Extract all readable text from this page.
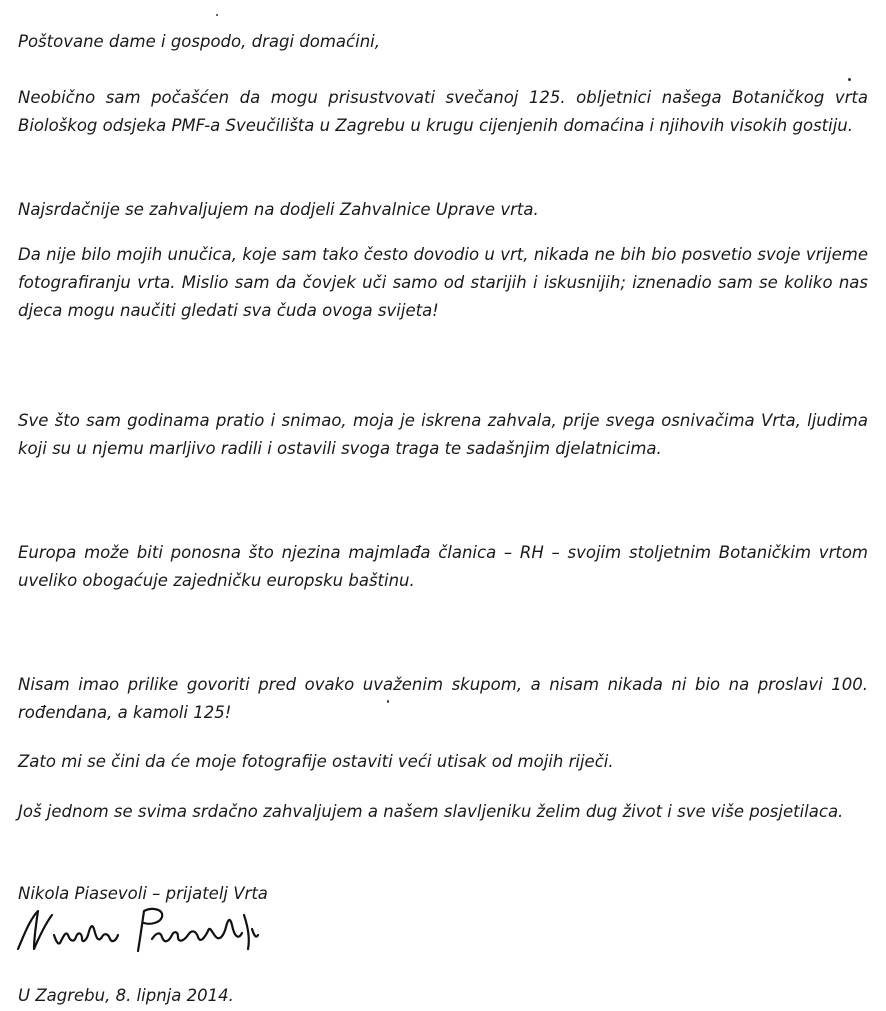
Poštovane dame i gospodo, dragi domaćini,

Neobično sam počašćen da mogu prisustvovati svečanoj 125. obljetnici našega Botaničkog vrta Biološkog odsjeka PMF-a Sveučilišta u Zagrebu u krugu cijenjenih domaćina i njihovih visokih gostiju.

Najsrdačnije se zahvaljujem na dodjeli Zahvalnice Uprave vrta.

Da nije bilo mojih unučica, koje sam tako često dovodio u vrt, nikada ne bih bio posvetio svoje vrijeme fotografiranju vrta. Mislio sam da čovjek uči samo od starijih i iskusnijih; iznenadio sam se koliko nas djeca mogu naučiti gledati sva čuda ovoga svijeta!

Sve što sam godinama pratio i snimao, moja je iskrena zahvala, prije svega osnivačima Vrta, ljudima koji su u njemu marljivo radili i ostavili svoga traga te sadašnjim djelatnicima.

Europa može biti ponosna što njezina majmlađa članica – RH – svojim stoljetnim Botaničkim vrtom uveliko obogaćuje zajedničku europsku baštinu.

Nisam imao prilike govoriti pred ovako uvaženim skupom, a nisam nikada ni bio na proslavi 100. rođendana, a kamoli 125!

Zato mi se čini da će moje fotografije ostaviti veći utisak od mojih riječi.

Još jednom se svima srdačno zahvaljujem a našem slavljeniku želim dug život i sve više posjetilaca.

Nikola Piasevoli – prijatelj Vrta

U Zagrebu, 8. lipnja 2014.
